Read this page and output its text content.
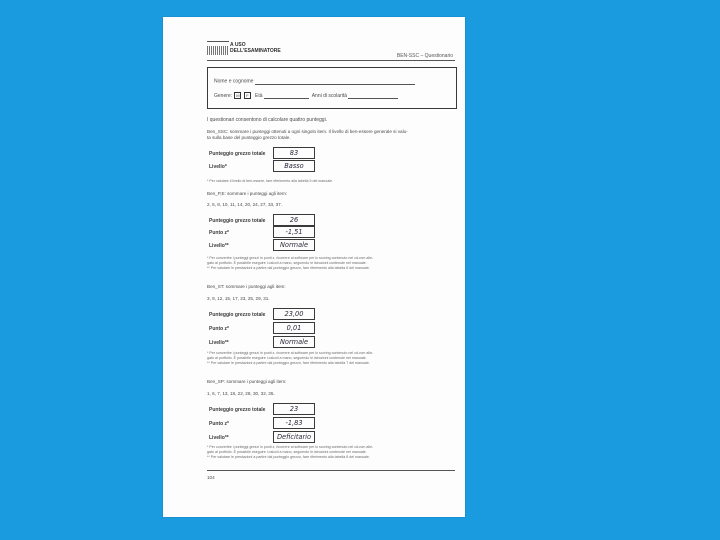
A USO
DELL'ESAMINATORE
BEN-SSC – Questionario
Nome e cognome
Genere: M F Età	Anni di scolarità
I questionari consentono di calcolare quattro punteggi.
Ben_SSC: sommare i punteggi ottenuti a ogni singolo item. Il livello di ben-essere generale si valu-
ta sulla base del punteggio grezzo totale.
Punteggio grezzo totale	83
Livello*	Basso
* Per valutare il livello di ben-essere, fare riferimento alla tabella 5 del manuale.
Ben_P,E: sommare i punteggi agli item:
2, 5, 8, 10, 11, 14, 20, 24, 27, 33, 37.
Punteggio grezzo totale	26
Punto z*	-1,51
Livello**	Normale
* Per convertire i punteggi grezzi in punti z, ricorrere al software per lo scoring contenuto nel cd-rom alle-
gato al portfolio. È possibile eseguire i calcoli a mano, seguendo le istruzioni contenute nel manuale.
** Per valutare le prestazioni a partire dal punteggio grezzo, fare riferimento alla tabella 6 del manuale.
Ben_ST: sommare i punteggi agli item:
3, 9, 12, 15, 17, 23, 25, 29, 31.
Punteggio grezzo totale	23,00
Punto z*	0,01
Livello**	Normale
* Per convertire i punteggi grezzi in punti z, ricorrere al software per lo scoring contenuto nel cd-rom alle-
gato al portfolio. È possibile eseguire i calcoli a mano, seguendo le istruzioni contenute nel manuale.
** Per valutare le prestazioni a partire dal punteggio grezzo, fare riferimento alla tabella 7 del manuale.
Ben_SP: sommare i punteggi agli item:
1, 6, 7, 13, 18, 22, 28, 30, 32, 35.
Punteggio grezzo totale	23
Punto z*	-1,83
Livello**	Deficitario
* Per convertire i punteggi grezzi in punti z, ricorrere al software per lo scoring contenuto nel cd-rom alle-
gato al portfolio. È possibile eseguire i calcoli a mano, seguendo le istruzioni contenute nel manuale.
** Per valutare le prestazioni a partire dal punteggio grezzo, fare riferimento alla tabella 8 del manuale.
104
